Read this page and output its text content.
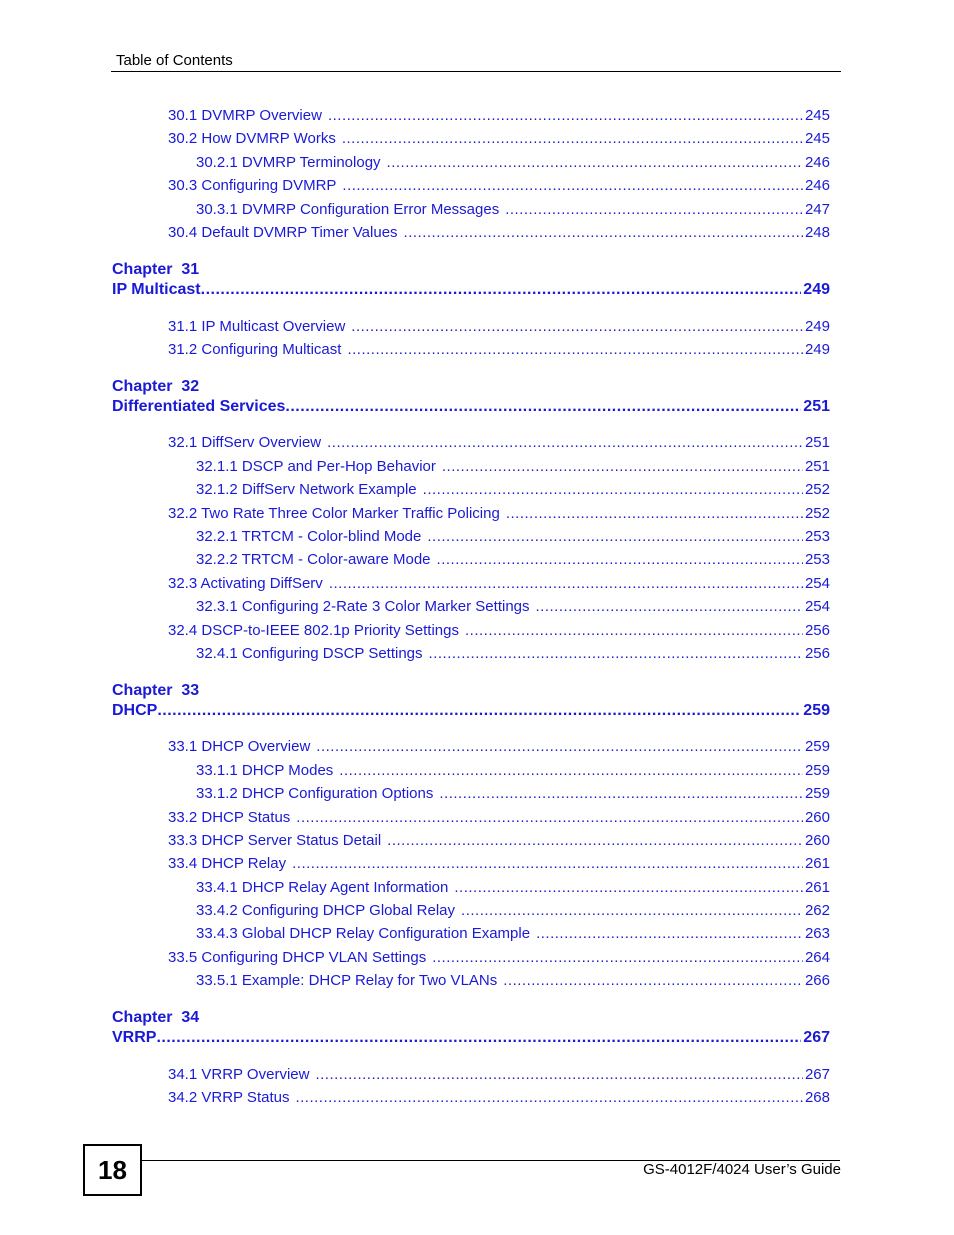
Table of Contents
30.1 DVMRP Overview .....	245
30.2 How DVMRP Works .....	245
30.2.1 DVMRP Terminology .....	246
30.3 Configuring DVMRP .....	246
30.3.1 DVMRP Configuration Error Messages .....	247
30.4 Default DVMRP Timer Values .....	248
Chapter  31
IP Multicast .....	249
31.1 IP Multicast Overview .....	249
31.2 Configuring Multicast .....	249
Chapter  32
Differentiated Services .....	251
32.1 DiffServ Overview .....	251
32.1.1 DSCP and Per-Hop Behavior .....	251
32.1.2 DiffServ Network Example .....	252
32.2 Two Rate Three Color Marker Traffic Policing .....	252
32.2.1 TRTCM - Color-blind Mode .....	253
32.2.2 TRTCM - Color-aware Mode .....	253
32.3 Activating DiffServ .....	254
32.3.1 Configuring 2-Rate 3 Color Marker Settings .....	254
32.4 DSCP-to-IEEE 802.1p Priority Settings .....	256
32.4.1 Configuring DSCP Settings .....	256
Chapter  33
DHCP .....	259
33.1 DHCP Overview .....	259
33.1.1 DHCP Modes .....	259
33.1.2 DHCP Configuration Options .....	259
33.2 DHCP Status .....	260
33.3 DHCP Server Status Detail .....	260
33.4 DHCP Relay .....	261
33.4.1 DHCP Relay Agent Information .....	261
33.4.2 Configuring DHCP Global Relay .....	262
33.4.3 Global DHCP Relay Configuration Example .....	263
33.5 Configuring DHCP VLAN Settings .....	264
33.5.1 Example: DHCP Relay for Two VLANs .....	266
Chapter  34
VRRP .....	267
34.1 VRRP Overview .....	267
34.2 VRRP Status .....	268
18	GS-4012F/4024 User’s Guide
